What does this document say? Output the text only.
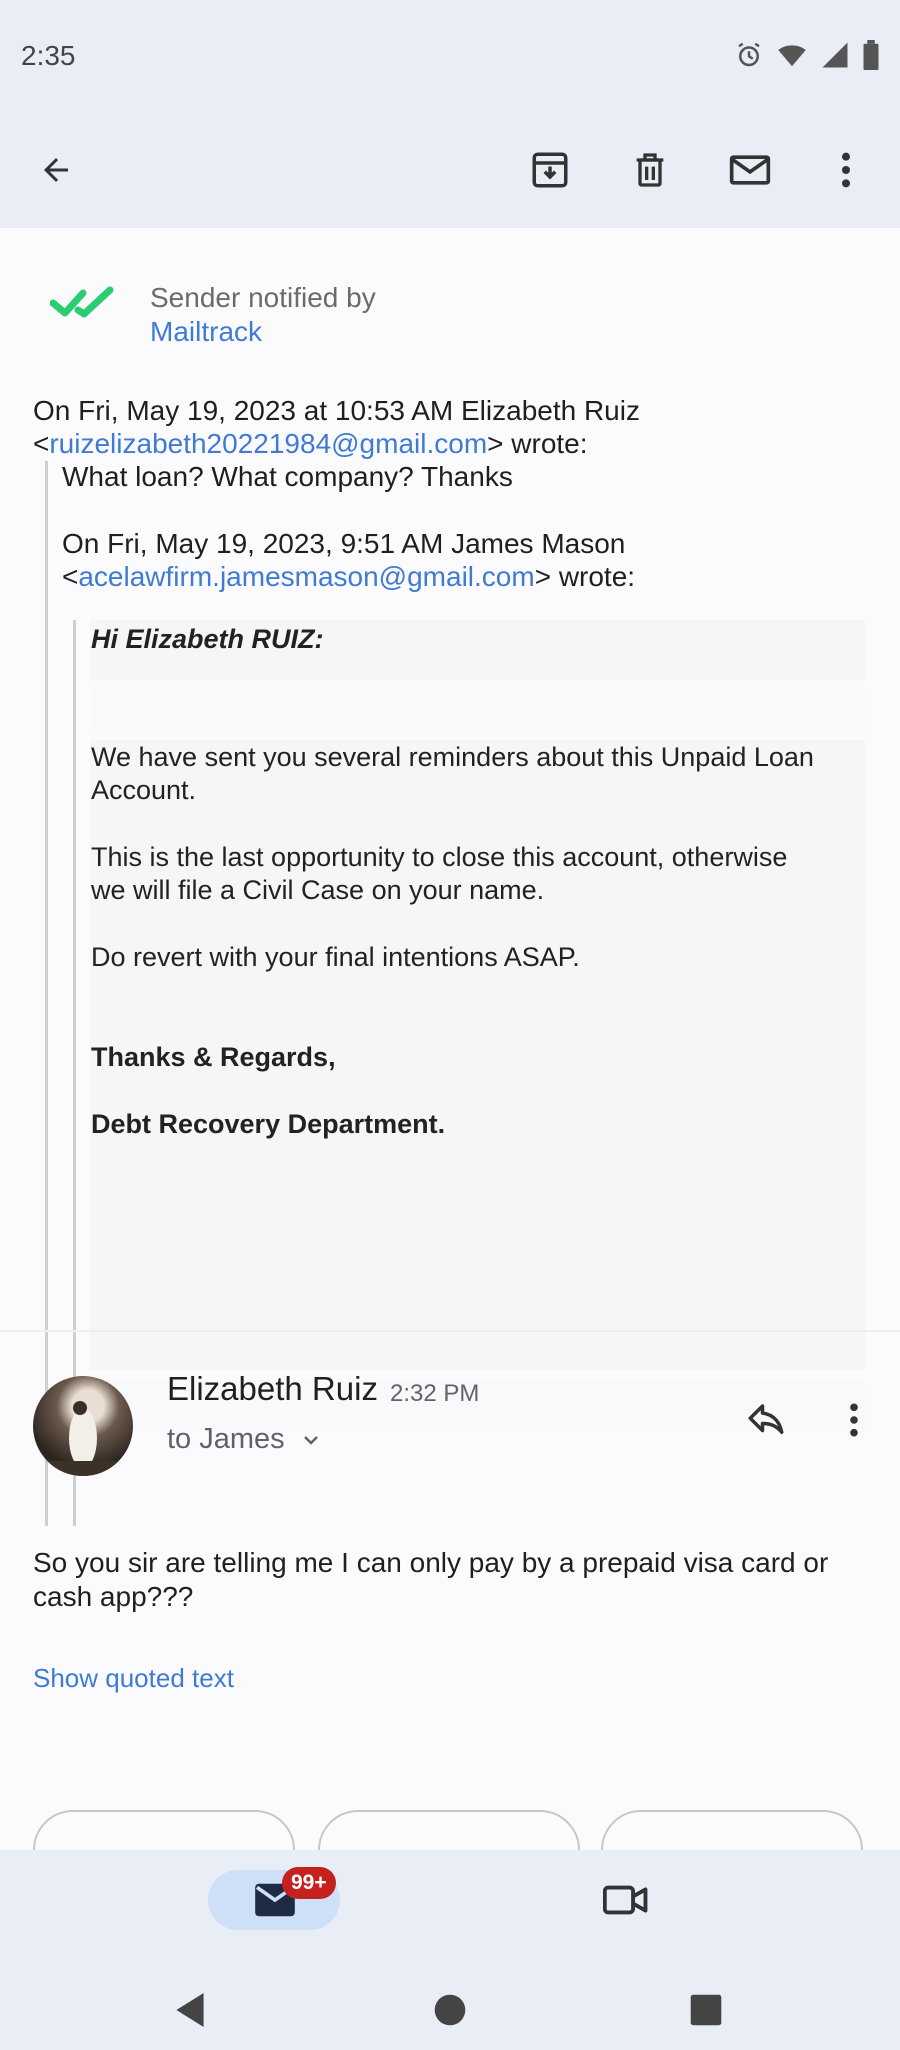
2:35
Sender notified by
Mailtrack
On Fri, May 19, 2023 at 10:53 AM Elizabeth Ruiz
<ruizelizabeth20221984@gmail.com> wrote:
What loan? What company? Thanks
On Fri, May 19, 2023, 9:51 AM James Mason
<acelawfirm.jamesmason@gmail.com> wrote:
Hi Elizabeth RUIZ:
We have sent you several reminders about this Unpaid Loan Account.
This is the last opportunity to close this account, otherwise we will file a Civil Case on your name.
Do revert with your final intentions ASAP.
Thanks & Regards,
Debt Recovery Department.
Elizabeth Ruiz 2:32 PM
to James
So you sir are telling me I can only pay by a prepaid visa card or cash app???
Show quoted text
99+
